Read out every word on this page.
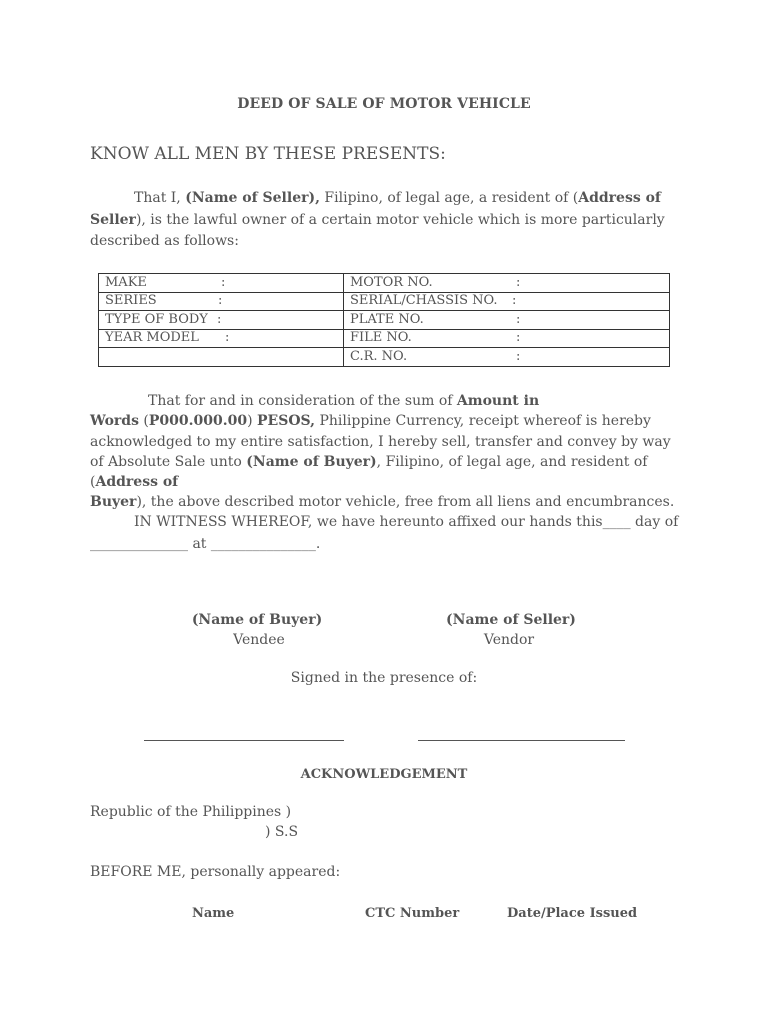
DEED OF SALE OF MOTOR VEHICLE
KNOW ALL MEN BY THESE PRESENTS:
That I, (Name of Seller), Filipino, of legal age, a resident of (Address of Seller), is the lawful owner of a certain motor vehicle which is more particularly described as follows:
MAKE :	MOTOR NO. :
SERIES :	SERIAL/CHASSIS NO. :
TYPE OF BODY :	PLATE NO. :
YEAR MODEL :	FILE NO. :
	C.R. NO. :
That for and in consideration of the sum of Amount in
Words (P000.000.00) PESOS, Philippine Currency, receipt whereof is hereby acknowledged to my entire satisfaction, I hereby sell, transfer and convey by way of Absolute Sale unto (Name of Buyer), Filipino, of legal age, and resident of (Address of
Buyer), the above described motor vehicle, free from all liens and encumbrances.
IN WITNESS WHEREOF, we have hereunto affixed our hands this____ day of
______________ at _______________.
(Name of Buyer)
Vendee
(Name of Seller)
Vendor
Signed in the presence of:
ACKNOWLEDGEMENT
Republic of the Philippines )
) S.S
BEFORE ME, personally appeared:
Name	CTC Number	Date/Place Issued
